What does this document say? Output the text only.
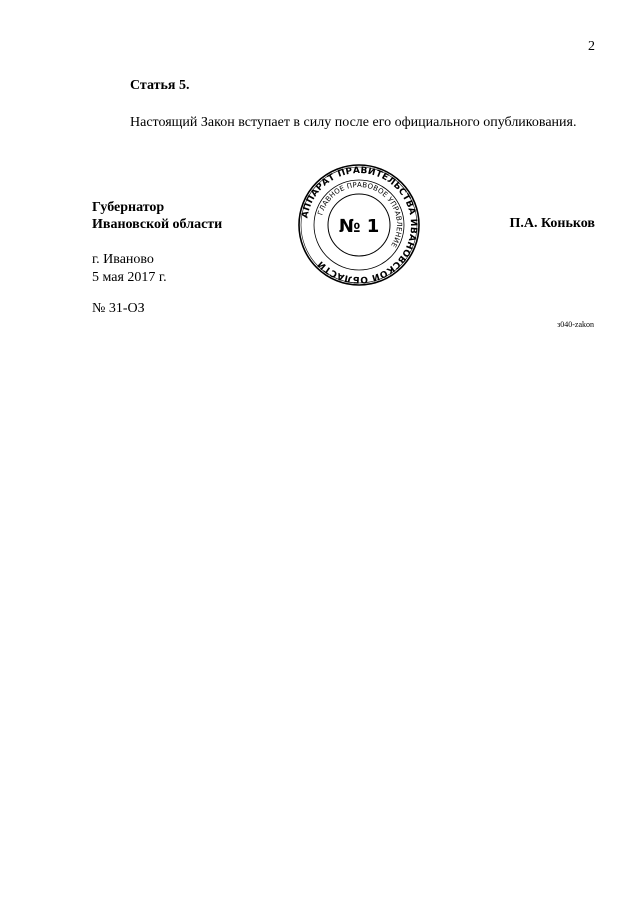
2
Статья 5.
Настоящий Закон вступает в силу после его официального опубликования.
Губернатор
Ивановской области	П.А. Коньков
г. Иваново
5 мая 2017 г.
№ 31-ОЗ
з040-zakon
АППАРАТ ПРАВИТЕЛЬСТВА ИВАНОВСКОЙ ОБЛАСТИ
ГЛАВНОЕ ПРАВОВОЕ УПРАВЛЕНИЕ
№ 1
